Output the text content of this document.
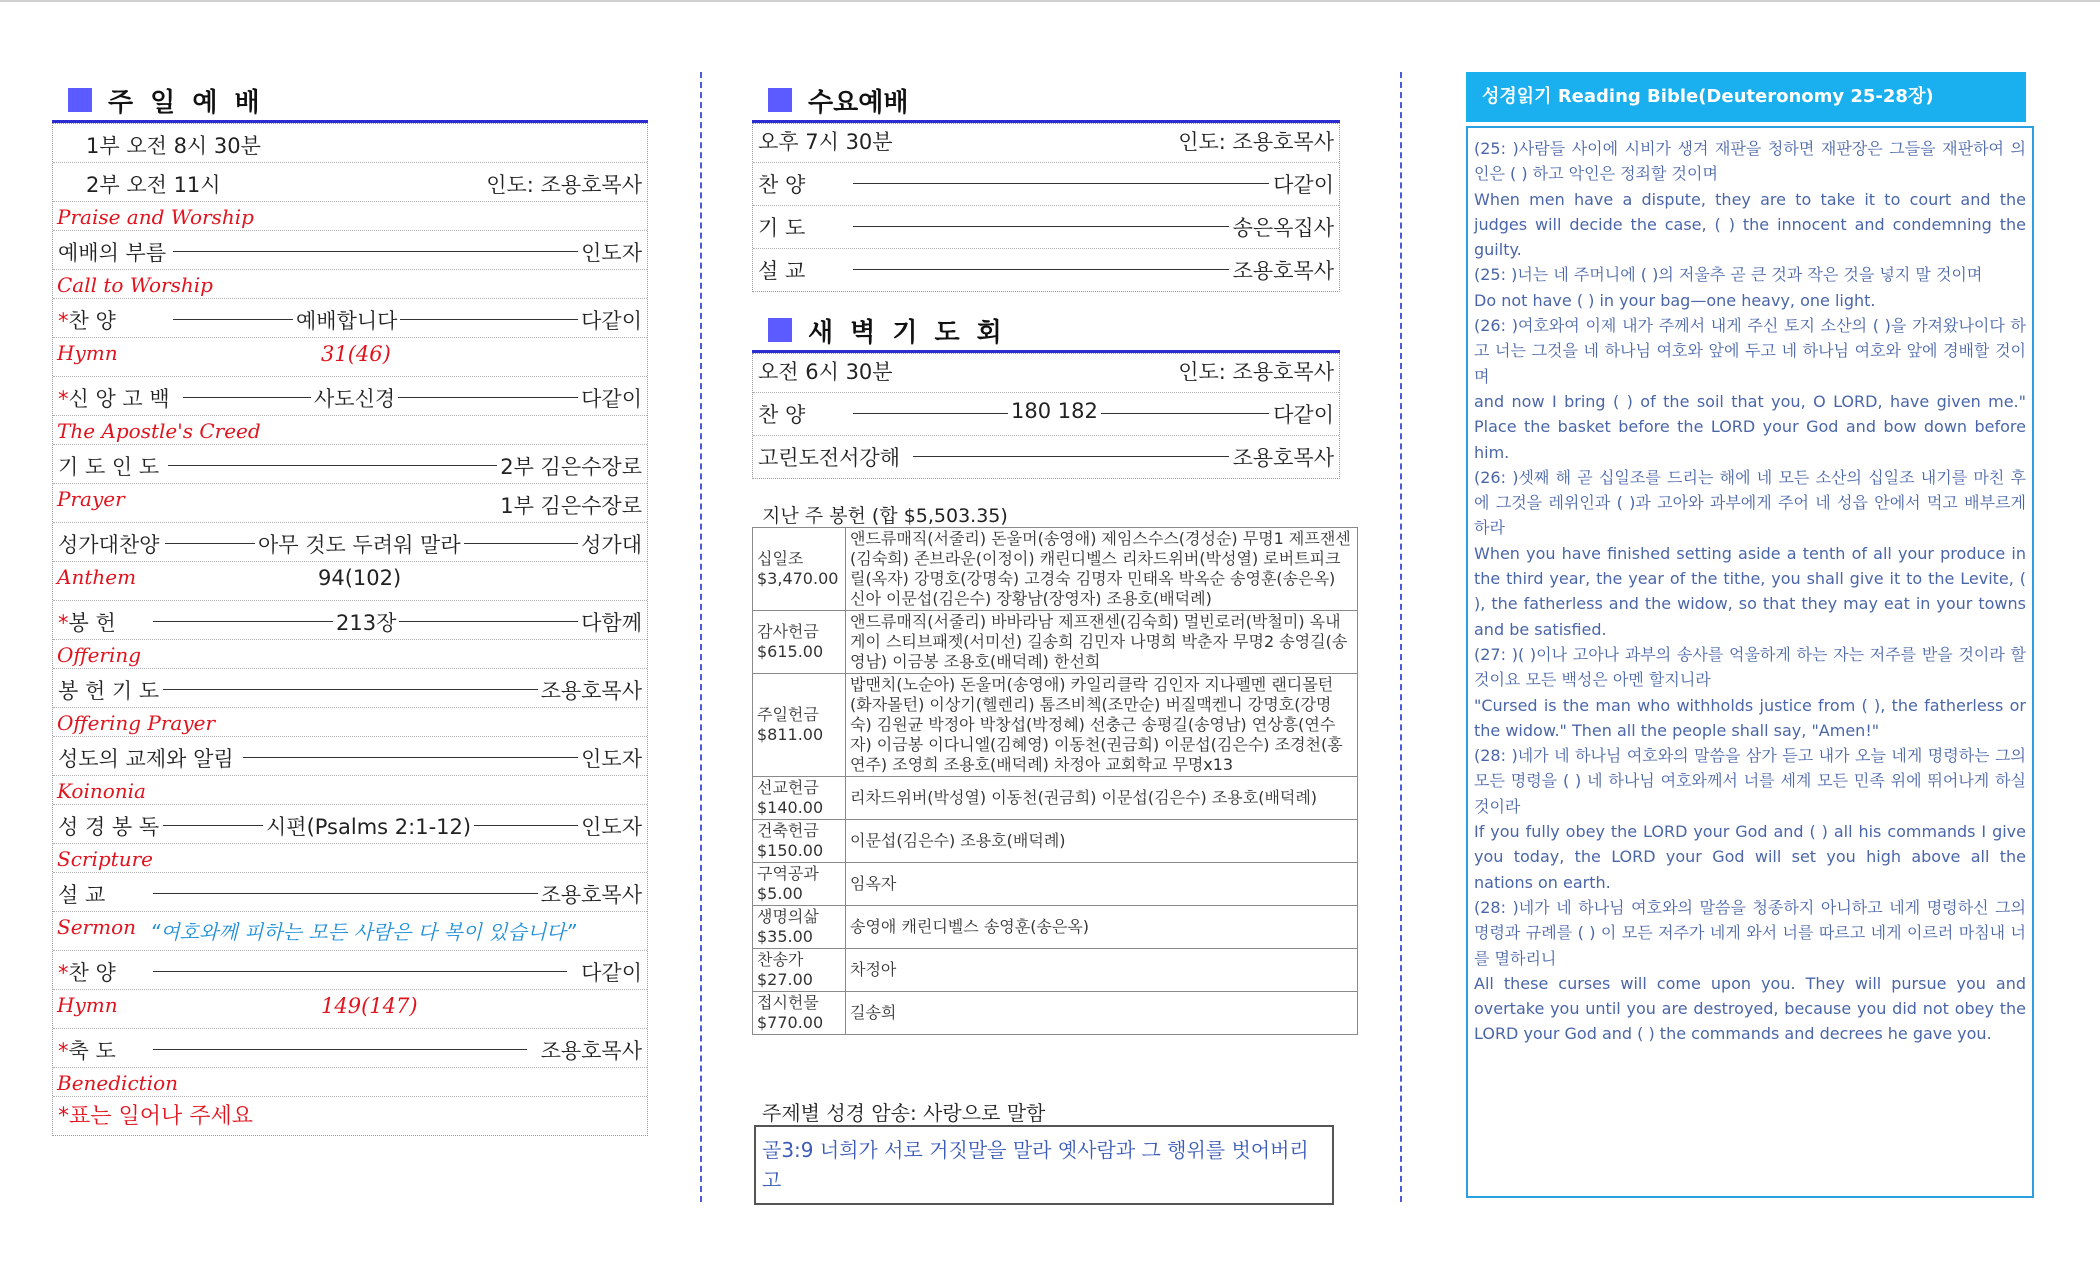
주 일 예 배
1부 오전 8시 30분
2부 오전 11시	인도: 조용호목사
Praise and Worship
예배의 부름	인도자
Call to Worship
*찬 양	예배합니다	다같이
Hymn	31(46)
*신 앙 고 백	사도신경	다같이
The Apostle's Creed
기 도 인 도	2부 김은수장로
Prayer	1부 김은수장로
성가대찬양	아무 것도 두려워 말라	성가대
Anthem	94(102)
*봉 헌	213장	다함께
Offering
봉 헌 기 도	조용호목사
Offering Prayer
성도의 교제와 알림	인도자
Koinonia
성 경 봉 독	시편(Psalms 2:1-12)	인도자
Scripture
설 교	조용호목사
Sermon “여호와께 피하는 모든 사람은 다 복이 있습니다”
*찬 양	다같이
Hymn	149(147)
*축 도	조용호목사
Benediction
*표는 일어나 주세요
수요예배
오후 7시 30분	인도: 조용호목사
찬 양	다같이
기 도	송은옥집사
설 교	조용호목사
새 벽 기 도 회
오전 6시 30분	인도: 조용호목사
찬 양	180 182	다같이
고린도전서강해	조용호목사
지난 주 봉헌 (합 $5,503.35)
십일조
$3,470.00	앤드류매직(서줄리) 돈울머(송영애) 제임스수스(경성순) 무명1 제프잰센(김숙희) 존브라운(이정이) 캐린디벨스 리차드위버(박성열) 로버트피크릴(옥자) 강명호(강명숙) 고경숙 김명자 민태옥 박옥순 송영훈(송은옥) 신아 이문섭(김은수) 장황남(장영자) 조용호(배덕례)

감사헌금
$615.00	앤드류매직(서줄리) 바바라남 제프잰센(김숙희) 멀빈로러(박철미) 옥내게이 스티브패젯(서미선) 길송희 김민자 나명희 박춘자 무명2 송영길(송영남) 이금봉 조용호(배덕례) 한선희

주일헌금
$811.00	밥맨치(노순아) 돈울머(송영애) 카일리클락 김인자 지나펠멘 랜디몰턴(화자몰턴) 이상기(헬렌리) 톰즈비첵(조만순) 버질맥켄니 강명호(강명숙) 김원균 박정아 박창섭(박정혜) 선충근 송평길(송영남) 연상흥(연수자) 이금봉 이다니엘(김혜영) 이동천(권금희) 이문섭(김은수) 조경천(홍연주) 조영희 조용호(배덕례) 차정아 교회학교 무명x13

선교헌금
$140.00	리차드위버(박성열) 이동천(권금희) 이문섭(김은수) 조용호(배덕례)

건축헌금
$150.00	이문섭(김은수) 조용호(배덕례)

구역공과
$5.00	임옥자

생명의삶
$35.00	송영애 캐린디벨스 송영훈(송은옥)

찬송가
$27.00	차정아

접시헌물
$770.00	길송희
주제별 성경 암송: 사랑으로 말함
골3:9 너희가 서로 거짓말을 말라 옛사람과 그 행위를 벗어버리고
성경읽기 Reading Bible(Deuteronomy 25-28장)

(25: )사람들 사이에 시비가 생겨 재판을 청하면 재판장은 그들을 재판하여 의인은 ( ) 하고 악인은 정죄할 것이며

When men have a dispute, they are to take it to court and the judges will decide the case, ( ) the innocent and condemning the guilty.

(25: )너는 네 주머니에 ( )의 저울추 곧 큰 것과 작은 것을 넣지 말 것이며

Do not have ( ) in your bag—one heavy, one light.

(26: )여호와여 이제 내가 주께서 내게 주신 토지 소산의 ( )을 가져왔나이다 하고 너는 그것을 네 하나님 여호와 앞에 두고 네 하나님 여호와 앞에 경배할 것이며

and now I bring ( ) of the soil that you, O LORD, have given me." Place the basket before the LORD your God and bow down before him.

(26: )셋째 해 곧 십일조를 드리는 해에 네 모든 소산의 십일조 내기를 마친 후에 그것을 레위인과 ( )과 고아와 과부에게 주어 네 성읍 안에서 먹고 배부르게 하라

When you have finished setting aside a tenth of all your produce in the third year, the year of the tithe, you shall give it to the Levite, ( ), the fatherless and the widow, so that they may eat in your towns and be satisfied.

(27: )( )이나 고아나 과부의 송사를 억울하게 하는 자는 저주를 받을 것이라 할 것이요 모든 백성은 아멘 할지니라

"Cursed is the man who withholds justice from ( ), the fatherless or the widow." Then all the people shall say, "Amen!"

(28: )네가 네 하나님 여호와의 말씀을 삼가 듣고 내가 오늘 네게 명령하는 그의 모든 명령을 ( ) 네 하나님 여호와께서 너를 세계 모든 민족 위에 뛰어나게 하실 것이라

If you fully obey the LORD your God and ( ) all his commands I give you today, the LORD your God will set you high above all the nations on earth.

(28: )네가 네 하나님 여호와의 말씀을 청종하지 아니하고 네게 명령하신 그의 명령과 규례를 ( ) 이 모든 저주가 네게 와서 너를 따르고 네게 이르러 마침내 너를 멸하리니

All these curses will come upon you. They will pursue you and overtake you until you are destroyed, because you did not obey the LORD your God and ( ) the commands and decrees he gave you.
